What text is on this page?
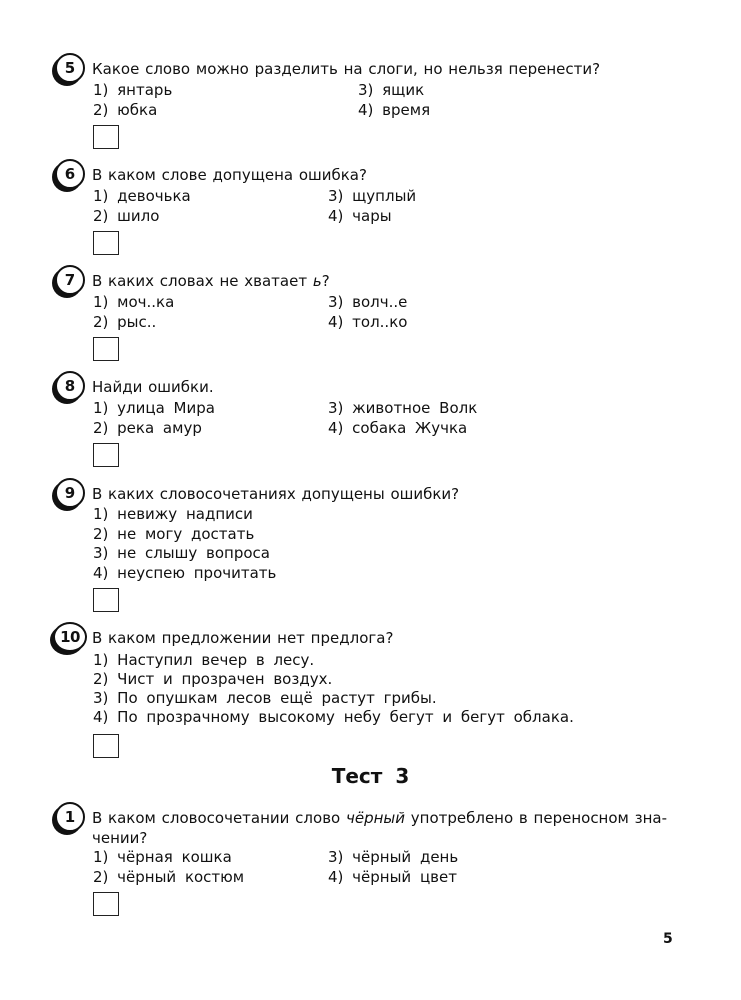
5	Какое слово можно разделить на слоги, но нельзя перенести?
1) янтарь	3) ящик
2) юбка	4) время
6	В каком слове допущена ошибка?
1) девочька	3) щуплый
2) шило	4) чары
7	В каких словах не хватает ь?
1) моч..ка	3) волч..е
2) рыс..	4) тол..ко
8	Найди ошибки.
1) улица Мира	3) животное Волк
2) река амур	4) собака Жучка
9	В каких словосочетаниях допущены ошибки?
1) невижу надписи
2) не могу достать
3) не слышу вопроса
4) неуспею прочитать
10 В каком предложении нет предлога?
1) Наступил вечер в лесу.
2) Чист и прозрачен воздух.
3) По опушкам лесов ещё растут грибы.
4) По прозрачному высокому небу бегут и бегут облака.
Тест 3
1	В каком словосочетании слово чёрный употреблено в переносном зна-
чении?
1) чёрная кошка	3) чёрный день
2) чёрный костюм	4) чёрный цвет
5
